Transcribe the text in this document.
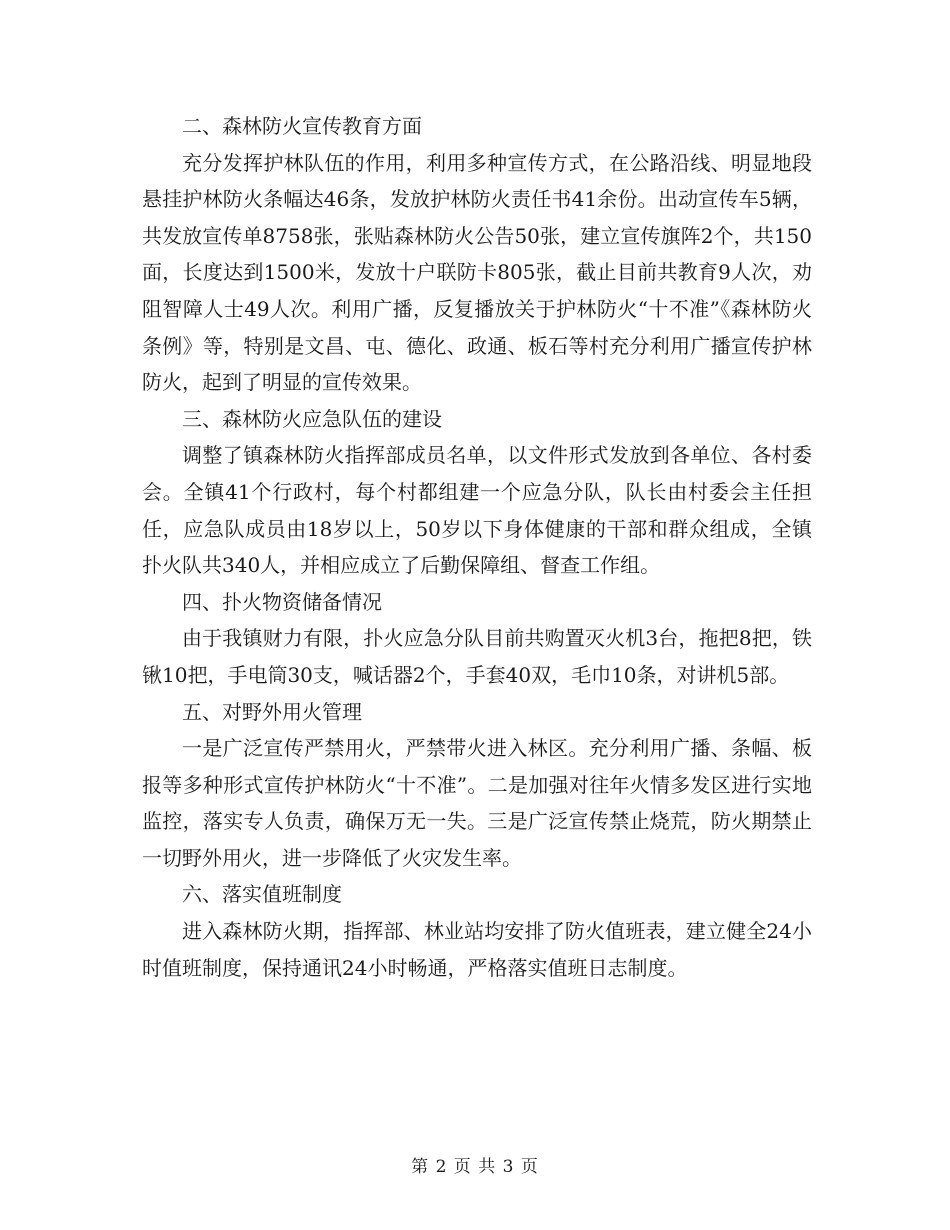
二、森林防火宣传教育方面

充分发挥护林队伍的作用，利用多种宣传方式，在公路沿线、明显地段悬挂护林防火条幅达46条，发放护林防火责任书41余份。出动宣传车5辆，共发放宣传单8758张，张贴森林防火公告50张，建立宣传旗阵2个，共150面，长度达到1500米，发放十户联防卡805张，截止目前共教育9人次，劝阻智障人士49人次。利用广播，反复播放关于护林防火“十不准”《森林防火条例》等，特别是文昌、屯、德化、政通、板石等村充分利用广播宣传护林防火，起到了明显的宣传效果。

三、森林防火应急队伍的建设

调整了镇森林防火指挥部成员名单，以文件形式发放到各单位、各村委会。全镇41个行政村，每个村都组建一个应急分队，队长由村委会主任担任，应急队成员由18岁以上，50岁以下身体健康的干部和群众组成，全镇扑火队共340人，并相应成立了后勤保障组、督查工作组。

四、扑火物资储备情况

由于我镇财力有限，扑火应急分队目前共购置灭火机3台，拖把8把，铁锹10把，手电筒30支，喊话器2个，手套40双，毛巾10条，对讲机5部。

五、对野外用火管理

一是广泛宣传严禁用火，严禁带火进入林区。充分利用广播、条幅、板报等多种形式宣传护林防火“十不准”。二是加强对往年火情多发区进行实地监控，落实专人负责，确保万无一失。三是广泛宣传禁止烧荒，防火期禁止一切野外用火，进一步降低了火灾发生率。

六、落实值班制度

进入森林防火期，指挥部、林业站均安排了防火值班表，建立健全24小时值班制度，保持通讯24小时畅通，严格落实值班日志制度。

第 2 页 共 3 页
